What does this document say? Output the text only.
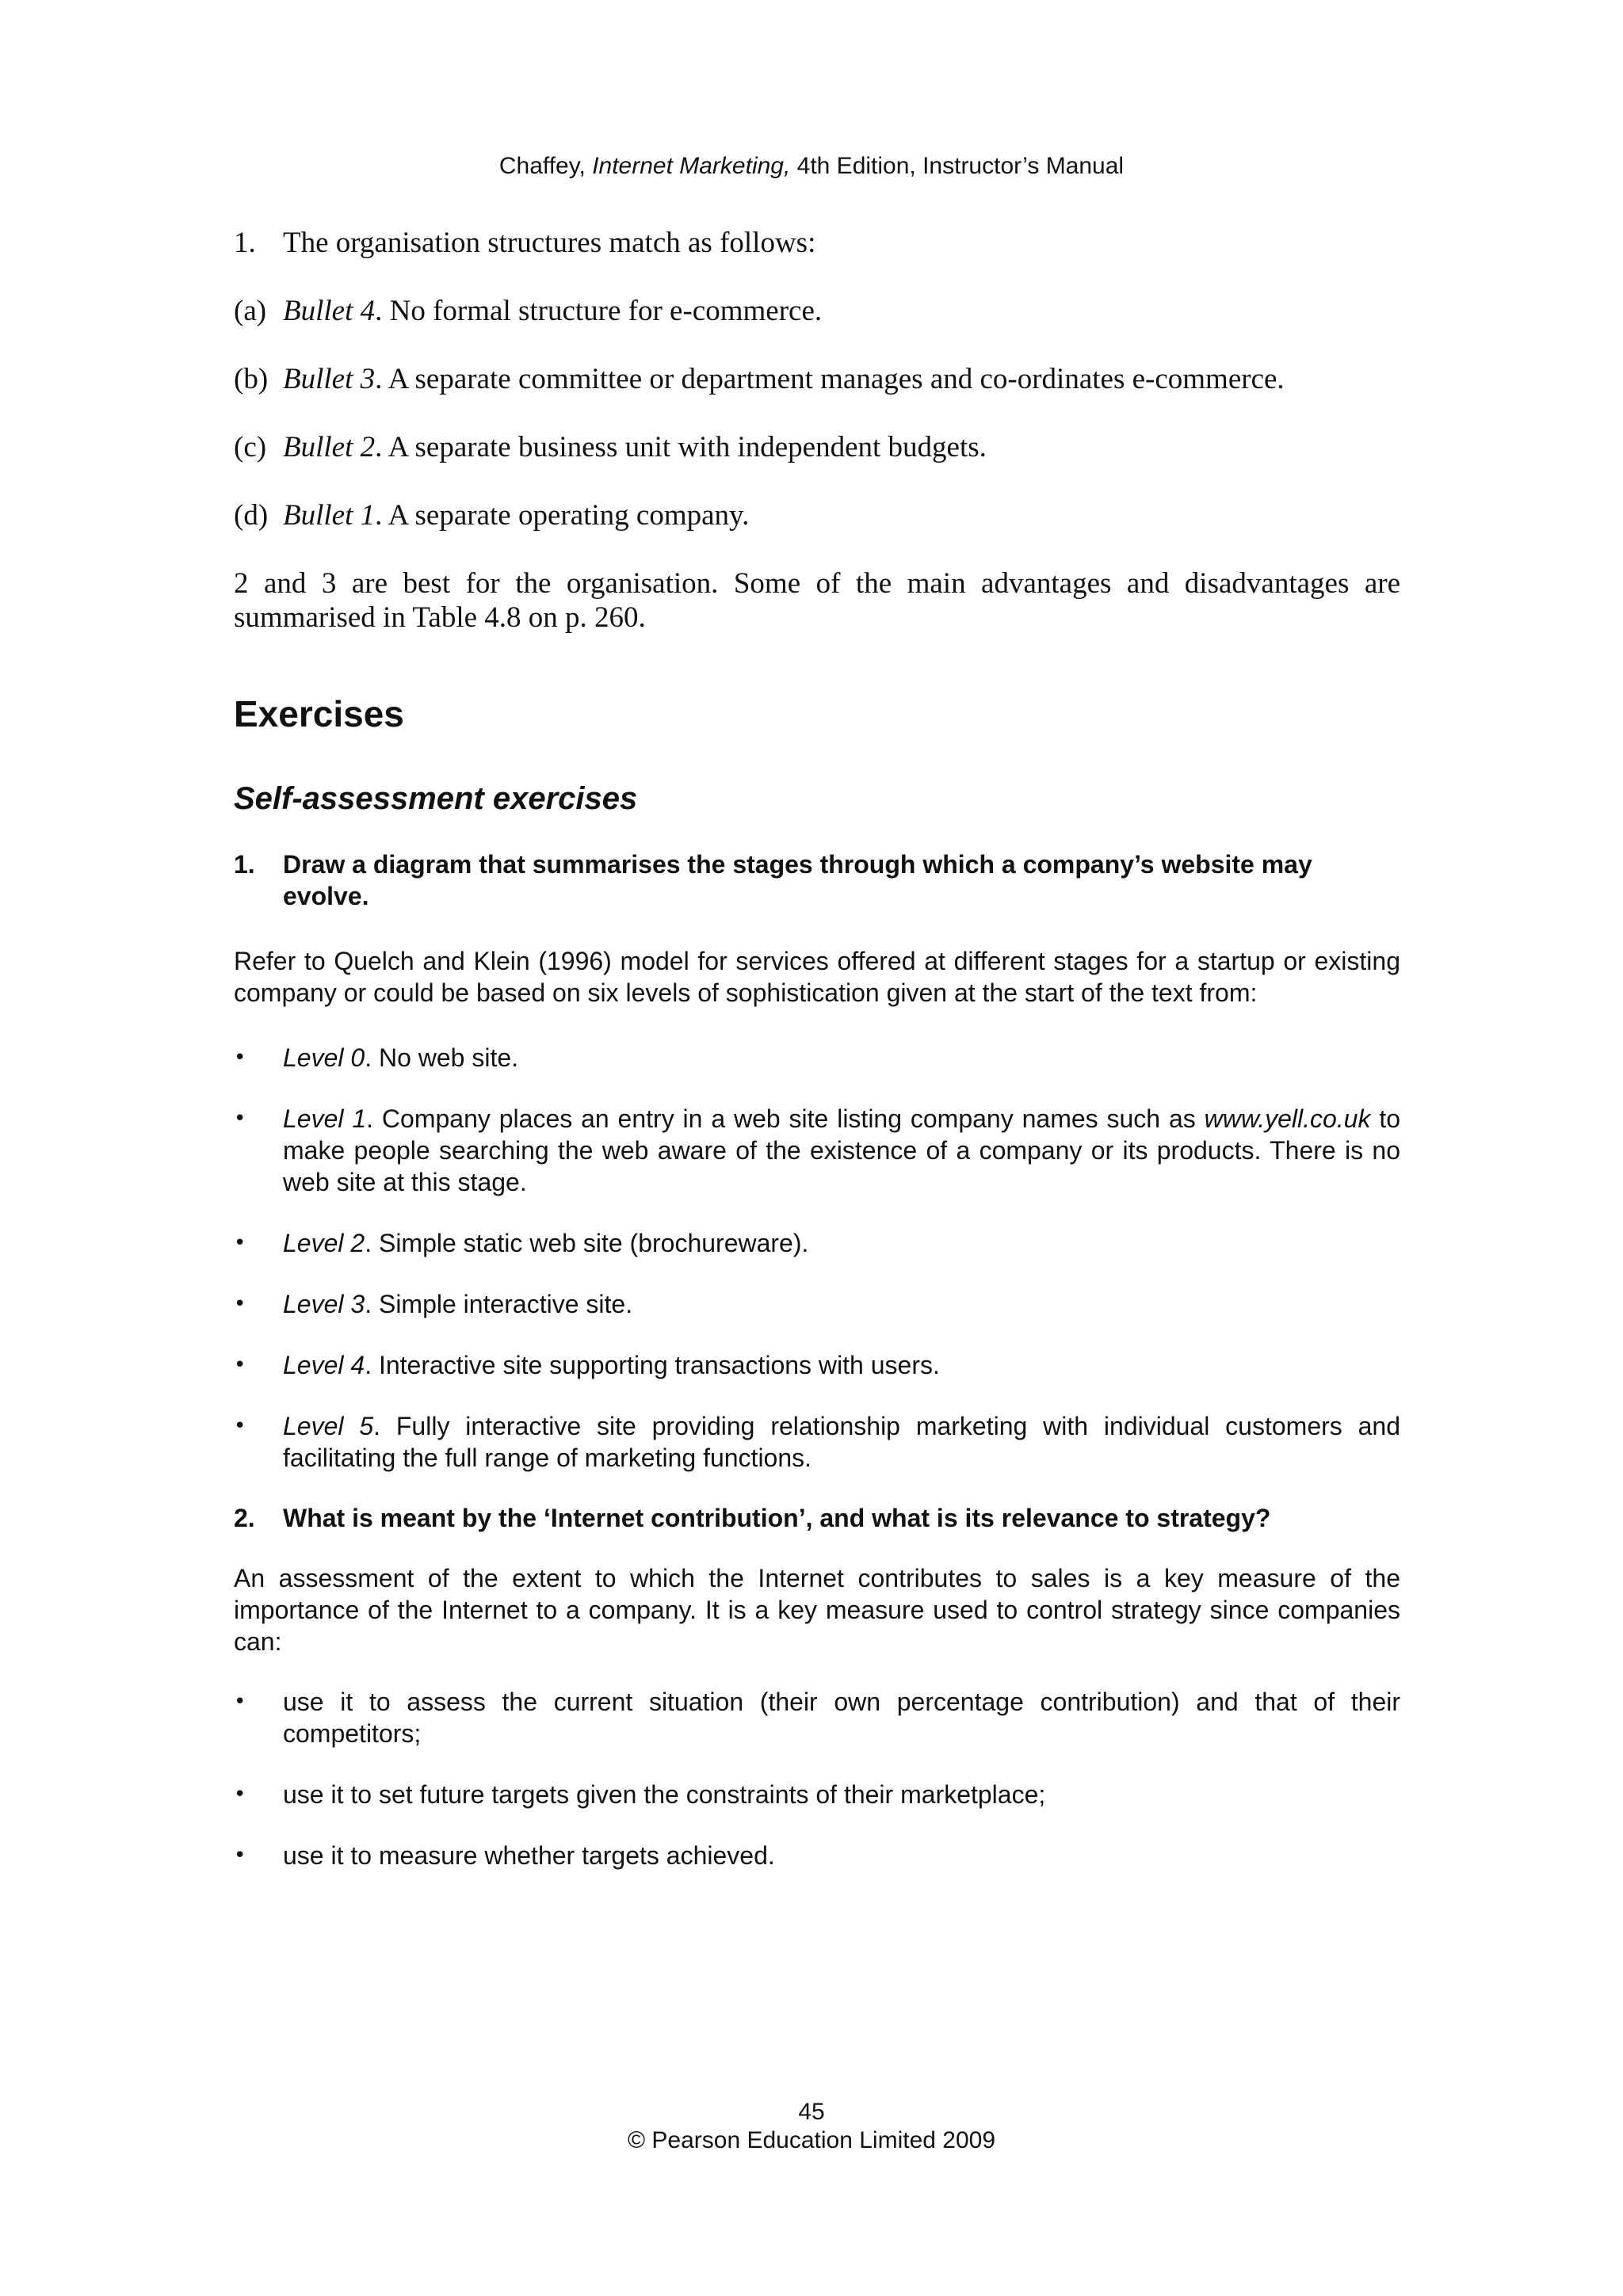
Chaffey, Internet Marketing, 4th Edition, Instructor’s Manual
1. The organisation structures match as follows:
(a) Bullet 4. No formal structure for e-commerce.
(b) Bullet 3. A separate committee or department manages and co-ordinates e-commerce.
(c) Bullet 2. A separate business unit with independent budgets.
(d) Bullet 1. A separate operating company.

2 and 3 are best for the organisation. Some of the main advantages and disadvantages are summarised in Table 4.8 on p. 260.

Exercises
Self-assessment exercises
1.	Draw a diagram that summarises the stages through which a company’s website may evolve.

Refer to Quelch and Klein (1996) model for services offered at different stages for a startup or existing company or could be based on six levels of sophistication given at the start of the text from:

•	Level 0. No web site.
•	Level 1. Company places an entry in a web site listing company names such as www.yell.co.uk to make people searching the web aware of the existence of a company or its products. There is no web site at this stage.
•	Level 2. Simple static web site (brochureware).
•	Level 3. Simple interactive site.
•	Level 4. Interactive site supporting transactions with users.
•	Level 5. Fully interactive site providing relationship marketing with individual customers and facilitating the full range of marketing functions.
2.	What is meant by the ‘Internet contribution’, and what is its relevance to strategy?

An assessment of the extent to which the Internet contributes to sales is a key measure of the importance of the Internet to a company. It is a key measure used to control strategy since companies can:

•	use it to assess the current situation (their own percentage contribution) and that of their competitors;
•	use it to set future targets given the constraints of their marketplace;
•	use it to measure whether targets achieved.
45
© Pearson Education Limited 2009
